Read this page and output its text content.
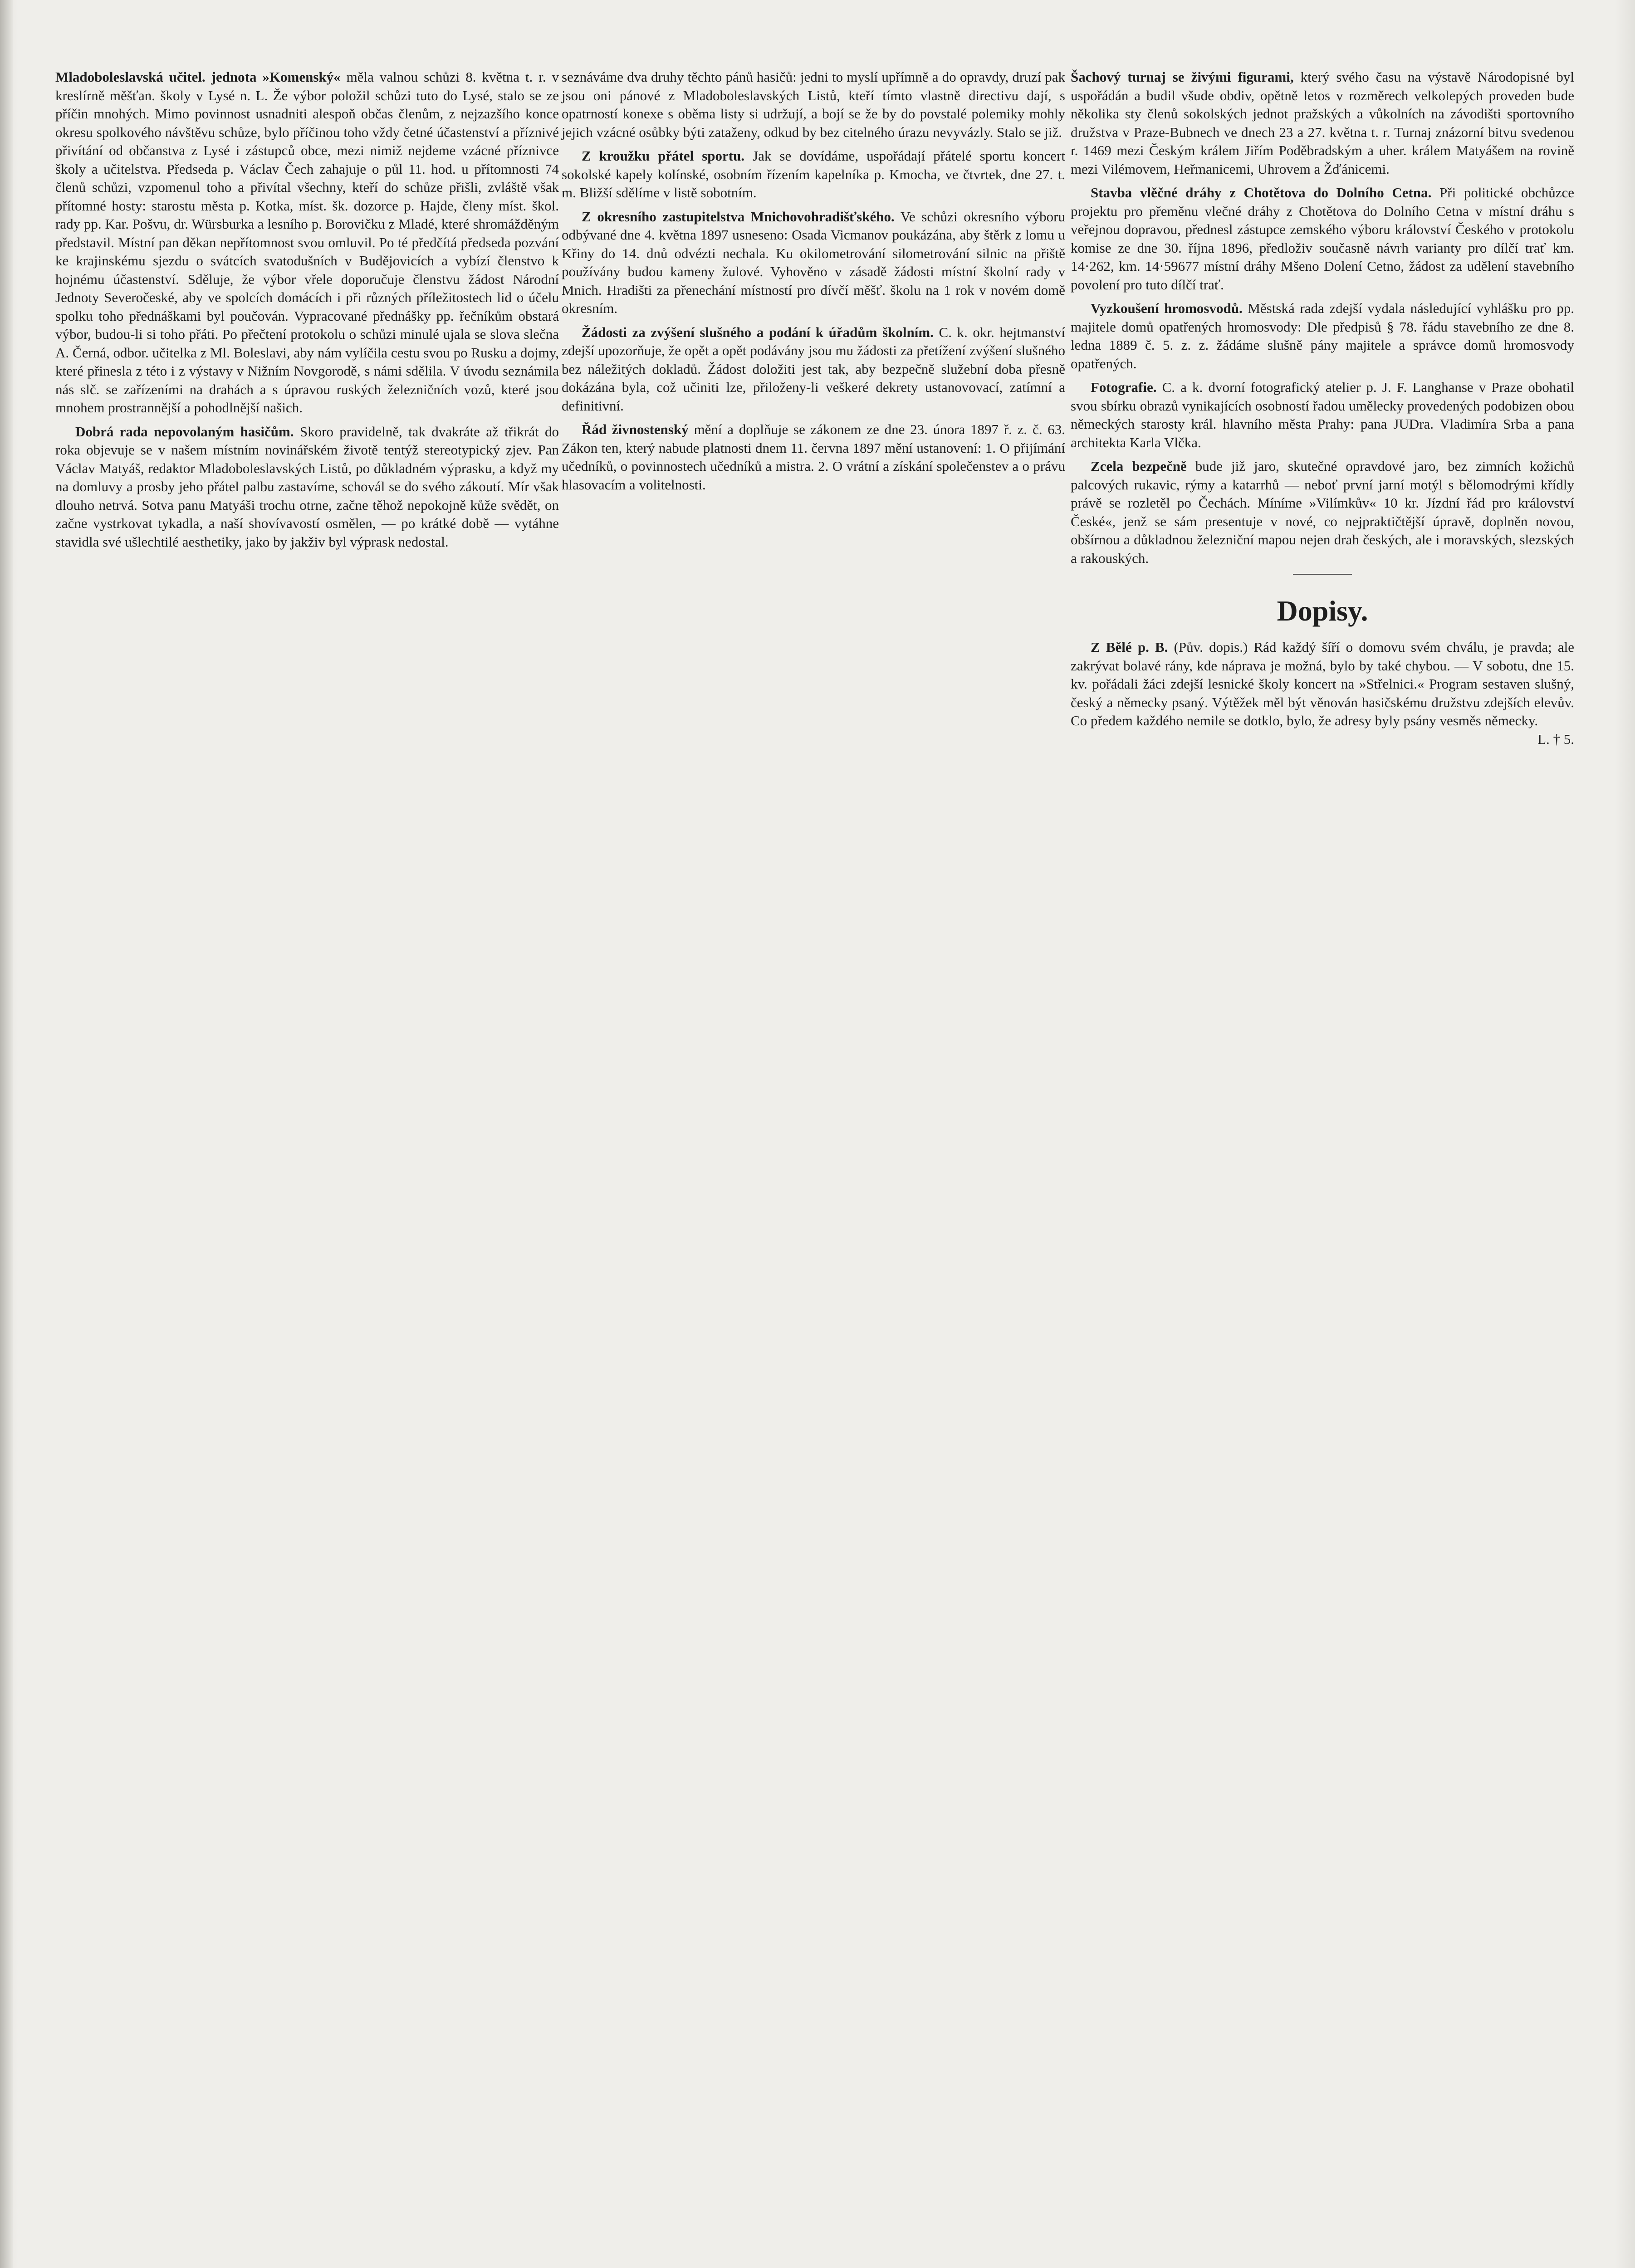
Mladoboleslavská učitel. jednota »Komenský« měla valnou schůzi 8. května t. r. v kreslírně měšťan. školy v Lysé n. L. Že výbor položil schůzi tuto do Lysé, stalo se ze příčin mnohých. Mimo povinnost usnadniti alespoň občas členům, z nejzazšího konce okresu spolkového návštěvu schůze, bylo příčinou toho vždy četné účastenství a příznivé přivítání od občanstva z Lysé i zástupců obce, mezi nimiž nejdeme vzácné příznivce školy a učitelstva. Předseda p. Václav Čech zahajuje o půl 11. hod. u přítomnosti 74 členů schůzi, vzpomenul toho a přivítal všechny, kteří do schůze přišli, zvláště však přítomné hosty: starostu města p. Kotka, míst. šk. dozorce p. Hajde, členy míst. škol. rady pp. Kar. Pošvu, dr. Würsburka a lesního p. Borovičku z Mladé, které shromážděným představil. Místní pan děkan nepřítomnost svou omluvil. Po té předčítá předseda pozvání ke krajinskému sjezdu o svátcích svatodušních v Budějovicích a vybízí členstvo k hojnému účastenství. Sděluje, že výbor vřele doporučuje členstvu žádost Národní Jednoty Severočeské, aby ve spolcích domácích i při různých příležitostech lid o účelu spolku toho přednáškami byl poučován. Vypracované přednášky pp. řečníkům obstará výbor, budou-li si toho přáti. Po přečtení protokolu o schůzi minulé ujala se slova slečna A. Černá, odbor. učitelka z Ml. Boleslavi, aby nám vylíčila cestu svou po Rusku a dojmy, které přinesla z této i z výstavy v Nižním Novgorodě, s námi sdělila. V úvodu seznámila nás slč. se zařízeními na drahách a s úpravou ruských železničních vozů, které jsou mnohem prostrannější a pohodlnější našich.

Dobrá rada nepovolaným hasičům. Skoro pravidelně, tak dvakráte až třikrát do roka objevuje se v našem místním novinářském životě tentýž stereotypický zjev. Pan Václav Matyáš, redaktor Mladoboleslavských Listů, po důkladném výprasku, a když my na domluvy a prosby jeho přátel palbu zastavíme, schovál se do svého zákoutí. Mír však dlouho netrvá. Sotva panu Matyáši trochu otrne, začne těhož nepokojně kůže svědět, on začne vystrkovat tykadla, a naší shovívavostí osmělen, — po krátké době — vytáhne stavidla své ušlechtilé aesthetiky, jako by jakživ byl výprask nedostal.

seznáváme dva druhy těchto pánů hasičů: jedni to myslí upřímně a do opravdy, druzí pak jsou oni pánové z Mladoboleslavských Listů, kteří tímto vlastně directivu dají, s opatrností konexe s oběma listy si udržují, a bojí se že by do povstalé polemiky mohly jejich vzácné osůbky býti zataženy, odkud by bez citelného úrazu nevyvázly. Stalo se již.

Z kroužku přátel sportu. Jak se dovídáme, uspořádají přátelé sportu koncert sokolské kapely kolínské, osobním řízením kapelníka p. Kmocha, ve čtvrtek, dne 27. t. m. Bližší sdělíme v listě sobotním.

Z okresního zastupitelstva Mnichovohradišťského. Ve schůzi okresního výboru odbývané dne 4. května 1897 usneseno: Osada Vicmanov poukázána, aby štěrk z lomu u Křiny do 14. dnů odvézti nechala. Ku okilometrování silometrování silnic na přiště používány budou kameny žulové. Vyhověno v zásadě žádosti místní školní rady v Mnich. Hradišti za přenechání místností pro dívčí měšť. školu na 1 rok v novém domě okresním.

Žádosti za zvýšení slušného a podání k úřadům školním. C. k. okr. hejtmanství zdejší upozorňuje, že opět a opět podávány jsou mu žádosti za přetížení zvýšení slušného bez náležitých dokladů. Žádost doložiti jest tak, aby bezpečně služební doba přesně dokázána byla, což učiniti lze, přiloženy-li veškeré dekrety ustanovovací, zatímní a definitivní.

Řád živnostenský mění a doplňuje se zákonem ze dne 23. února 1897 ř. z. č. 63. Zákon ten, který nabude platnosti dnem 11. června 1897 mění ustanovení: 1. O přijímání učedníků, o povinnostech učedníků a mistra. 2. O vrátní a získání společenstev a o právu hlasovacím a volitelnosti.

Šachový turnaj se živými figurami, který svého času na výstavě Národopisné byl uspořádán a budil všude obdiv, opětně letos v rozměrech velkolepých proveden bude několika sty členů sokolských jednot pražských a vůkolních na závodišti sportovního družstva v Praze-Bubnech ve dnech 23 a 27. května t. r. Turnaj znázorní bitvu svedenou r. 1469 mezi Českým králem Jiřím Poděbradským a uher. králem Matyášem na rovině mezi Vilémovem, Heřmanicemi, Uhrovem a Žďánicemi.

Stavba vlěčné dráhy z Chotětova do Dolního Cetna. Při politické obchůzce projektu pro přeměnu vlečné dráhy z Chotětova do Dolního Cetna v místní dráhu s veřejnou dopravou, přednesl zástupce zemského výboru království Českého v protokolu komise ze dne 30. října 1896, předloživ současně návrh varianty pro dílčí trať km. 14·262, km. 14·59677 místní dráhy Mšeno Dolení Cetno, žádost za udělení stavebního povolení pro tuto dílčí trať.

Vyzkoušení hromosvodů. Městská rada zdejší vydala následující vyhlášku pro pp. majitele domů opatřených hromosvody: Dle předpisů § 78. řádu stavebního ze dne 8. ledna 1889 č. 5. z. z. žádáme slušně pány majitele a správce domů hromosvody opatřených.

Fotografie. C. a k. dvorní fotografický atelier p. J. F. Langhanse v Praze obohatil svou sbírku obrazů vynikajících osobností řadou umělecky provedených podobizen obou německých starosty král. hlavního města Prahy: pana JUDra. Vladimíra Srba a pana architekta Karla Vlčka.

Zcela bezpečně bude již jaro, skutečné opravdové jaro, bez zimních kožichů palcových rukavic, rýmy a katarrhů — neboť první jarní motýl s bělomodrými křídly právě se rozletěl po Čechách. Míníme »Vilímkův« 10 kr. Jízdní řád pro království České«, jenž se sám presentuje v nové, co nejpraktičtější úpravě, doplněn novou, obšírnou a důkladnou železniční mapou nejen drah českých, ale i moravských, slezských a rakouských.

Dopisy.

Z Bělé p. B. (Pův. dopis.) Rád každý šíří o domovu svém chválu, je pravda; ale zakrývat bolavé rány, kde náprava je možná, bylo by také chybou. — V sobotu, dne 15. kv. pořádali žáci zdejší lesnické školy koncert na »Střelnici.« Program sestaven slušný, český a německy psaný. Výtěžek měl být věnován hasičskému družstvu zdejších elevův. Co předem každého nemile se dotklo, bylo, že adresy byly psány vesměs německy.

L. † 5.
